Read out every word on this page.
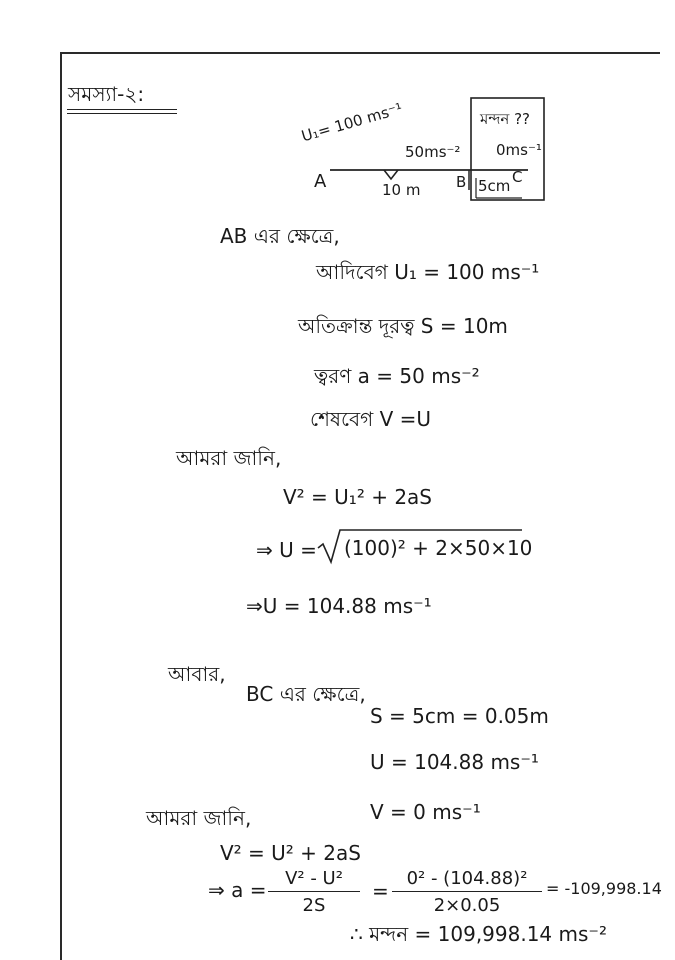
সমস্যা-২:
U₁= 100 ms⁻¹
50ms⁻²
মন্দন ??
0ms⁻¹
A	10 m B 5cm C
AB এর ক্ষেত্রে,
আদিবেগ U₁ = 100 ms⁻¹
অতিক্রান্ত দূরত্ব S = 10m
ত্বরণ a = 50 ms⁻²
শেষবেগ V =U
আমরা জানি,
V² = U₁² + 2aS
⇒ U = (100)² + 2×50×10
⇒U = 104.88 ms⁻¹
আবার,
BC এর ক্ষেত্রে,
S = 5cm = 0.05m
U = 104.88 ms⁻¹
আমরা জানি,	V = 0 ms⁻¹
V² = U² + 2aS
⇒ $a = \frac{\text{V² - U²}}{2S} = \frac{\text{0² - (104.88)²}}{2\times 0.05} = -109,998.14$
∴ মন্দন = 109,998.14 ms⁻²
